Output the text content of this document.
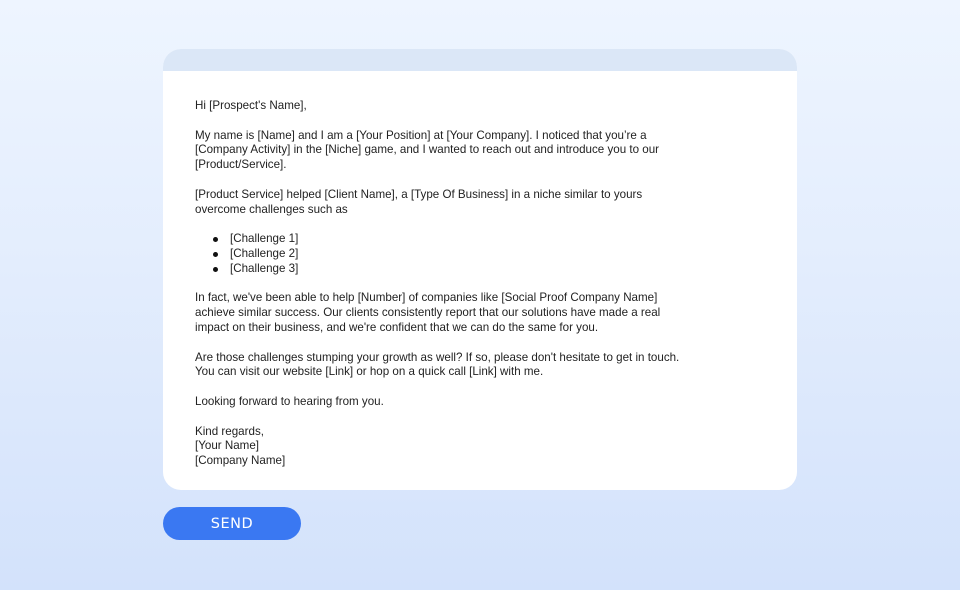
Hi [Prospect's Name],

My name is [Name] and I am a [Your Position] at [Your Company]. I noticed that you’re a
[Company Activity] in the [Niche] game, and I wanted to reach out and introduce you to our
[Product/Service].

[Product Service] helped [Client Name], a [Type Of Business] in a niche similar to yours
overcome challenges such as

[Challenge 1]
[Challenge 2]
[Challenge 3]

In fact, we've been able to help [Number] of companies like [Social Proof Company Name]
achieve similar success. Our clients consistently report that our solutions have made a real
impact on their business, and we're confident that we can do the same for you.

Are those challenges stumping your growth as well? If so, please don't hesitate to get in touch.
You can visit our website [Link] or hop on a quick call [Link] with me.

Looking forward to hearing from you.

Kind regards,
[Your Name]
[Company Name]

SEND
